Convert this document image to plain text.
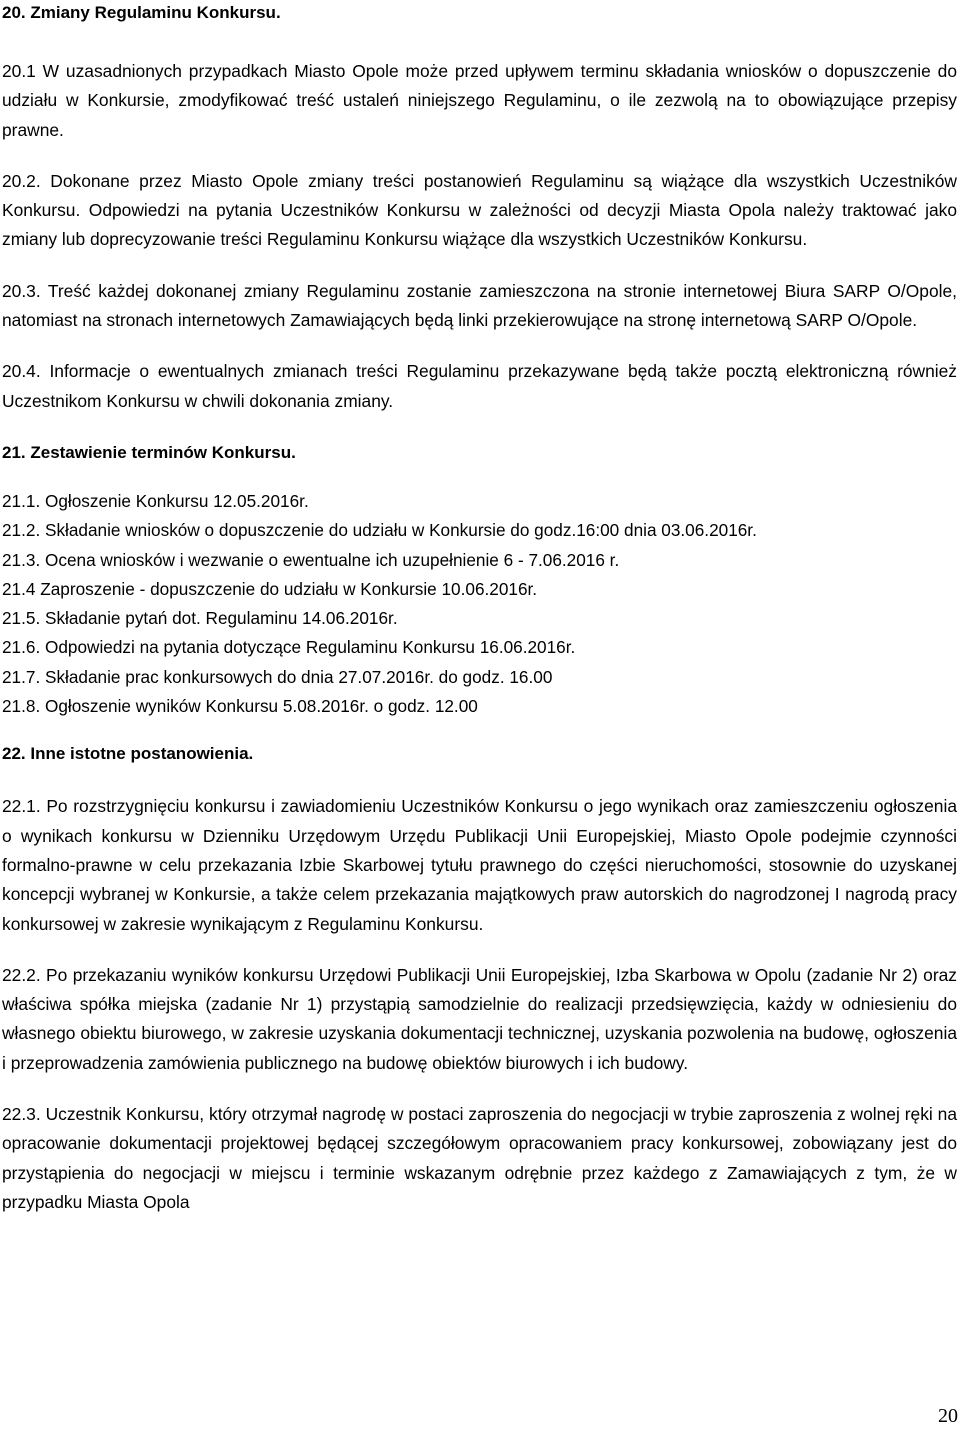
20. Zmiany Regulaminu Konkursu.

20.1 W uzasadnionych przypadkach Miasto Opole może przed upływem terminu składania wniosków o dopuszczenie do udziału w Konkursie, zmodyfikować treść ustaleń niniejszego Regulaminu, o ile zezwolą na to obowiązujące przepisy prawne.

20.2. Dokonane przez Miasto Opole zmiany treści postanowień Regulaminu są wiążące dla wszystkich Uczestników Konkursu. Odpowiedzi na pytania Uczestników Konkursu w zależności od decyzji Miasta Opola należy traktować jako zmiany lub doprecyzowanie treści Regulaminu Konkursu wiążące dla wszystkich Uczestników Konkursu.

20.3. Treść każdej dokonanej zmiany Regulaminu zostanie zamieszczona na stronie internetowej Biura SARP O/Opole, natomiast na stronach internetowych Zamawiających będą linki przekierowujące na stronę internetową SARP O/Opole.

20.4. Informacje o ewentualnych zmianach treści Regulaminu przekazywane będą także pocztą elektroniczną również Uczestnikom Konkursu w chwili dokonania zmiany.

21. Zestawienie terminów Konkursu.
21.1. Ogłoszenie Konkursu 12.05.2016r.
21.2. Składanie wniosków o dopuszczenie do udziału w Konkursie do godz.16:00 dnia 03.06.2016r.
21.3. Ocena wniosków i wezwanie o ewentualne ich uzupełnienie 6 - 7.06.2016 r.
21.4 Zaproszenie - dopuszczenie do udziału w Konkursie 10.06.2016r.
21.5. Składanie pytań dot. Regulaminu 14.06.2016r.
21.6. Odpowiedzi na pytania dotyczące Regulaminu Konkursu 16.06.2016r.
21.7. Składanie prac konkursowych do dnia 27.07.2016r. do godz. 16.00
21.8. Ogłoszenie wyników Konkursu 5.08.2016r. o godz. 12.00
22. Inne istotne postanowienia.

22.1. Po rozstrzygnięciu konkursu i zawiadomieniu Uczestników Konkursu o jego wynikach oraz zamieszczeniu ogłoszenia o wynikach konkursu w Dzienniku Urzędowym Urzędu Publikacji Unii Europejskiej, Miasto Opole podejmie czynności formalno-prawne w celu przekazania Izbie Skarbowej tytułu prawnego do części nieruchomości, stosownie do uzyskanej koncepcji wybranej w Konkursie, a także celem przekazania majątkowych praw autorskich do nagrodzonej I nagrodą pracy konkursowej w zakresie wynikającym z Regulaminu Konkursu.

22.2. Po przekazaniu wyników konkursu Urzędowi Publikacji Unii Europejskiej, Izba Skarbowa w Opolu (zadanie Nr 2) oraz właściwa spółka miejska (zadanie Nr 1) przystąpią samodzielnie do realizacji przedsięwzięcia, każdy w odniesieniu do własnego obiektu biurowego, w zakresie uzyskania dokumentacji technicznej, uzyskania pozwolenia na budowę, ogłoszenia i przeprowadzenia zamówienia publicznego na budowę obiektów biurowych i ich budowy.

22.3. Uczestnik Konkursu, który otrzymał nagrodę w postaci zaproszenia do negocjacji w trybie zaproszenia z wolnej ręki na opracowanie dokumentacji projektowej będącej szczegółowym opracowaniem pracy konkursowej, zobowiązany jest do przystąpienia do negocjacji w miejscu i terminie wskazanym odrębnie przez każdego z Zamawiających z tym, że w przypadku Miasta Opola

20
